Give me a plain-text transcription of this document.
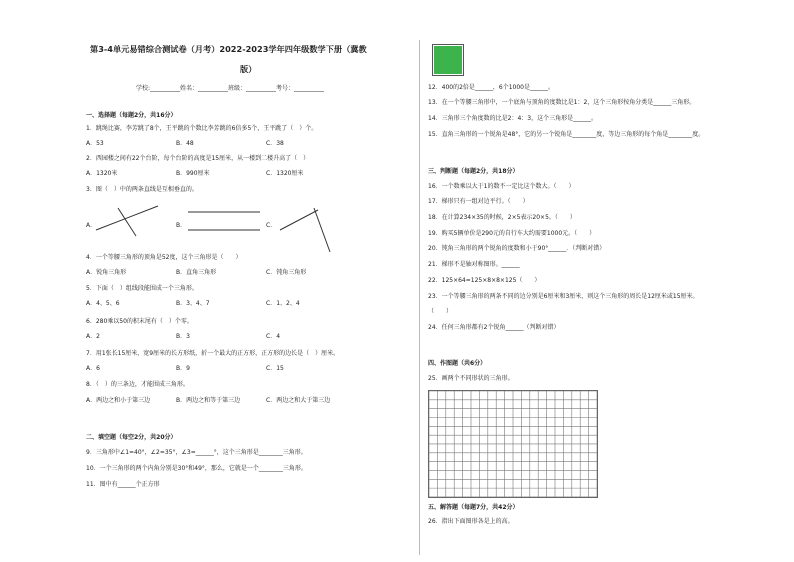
第3-4单元易错综合测试卷（月考）2022-2023学年四年级数学下册（冀教
版）
学校:__________姓名：__________班级：__________考号：__________
一、选择题（每题2分，共16分）
1．跳绳比赛，李芳跳了8个，王平跳的个数比李芳跳的6倍多5个，王平跳了（　）个。
A．53	B．48	C．38
2．西园楼之间有22个台阶，每个台阶的高度是15厘米，从一楼到二楼升高了（　）
A．1320米	B．990厘米	C．1320厘米
3．图（　）中的两条直线是互相垂直的。
A．	B．	C．
4．一个等腰三角形的顶角是52度，这个三角形是（　　）
A．锐角三角形	B．直角三角形	C．钝角三角形
5．下面（　）组线段能围成一个三角形。
A．4、5、6	B．3、4、7	C．1、2、4
6．280乘以50的积末尾有（　）个零。
A．2	B．3	C．4
7．用1张长15厘米，宽9厘米的长方形纸，折一个最大的正方形，正方形的边长是（　）厘米。
A．6	B．9	C．15
8．（　）的三条边，才能围成三角形。
A．两边之和小于第三边	B．两边之和等于第三边	C．两边之和大于第三边
二、填空题（每空2分，共20分）
9．三角形中∠1=40°，∠2=35°，∠3=______°，这个三角形是________三角形。
10．一个三角形的两个内角分别是30°和49°，那么，它就是一个________三角形。
11．图中有______个正方形
12．400的2倍是______，6个1000是______。
13．在一个等腰三角形中，一个底角与顶角的度数比是1：2，这个三角形按角分类是______三角形。
14．三角形三个角度数的比是2：4：3，这个三角形是______。
15．直角三角形的一个锐角是48°，它的另一个锐角是________度，等边三角形的每个角是________度。
三、判断题（每题2分，共18分）
16．一个数乘以大于1的数不一定比这个数大。（　　）
17．梯形只有一组对边平行。（　　）
18．在计算234×35的时候，2×5表示20×5。（　　）
19．购买5辆单价是290元的自行车大约需要1000元。（　　）
20．钝角三角形的两个锐角的度数和小于90°______．（判断对错）
21．梯形不是轴对称图形。______
22．125×64=125×8×8×125（　　）
23．一个等腰三角形的两条不同的边分别是6厘米和3厘米，则这个三角形的周长是12厘米或15厘米。
（　　）
24．任何三角形都有2个锐角______（判断对错）
四、作图题（共6分）
25．画两个不同形状的三角形。
五、解答题（每题7分，共42分）
26．指出下面图形各是上的高。
